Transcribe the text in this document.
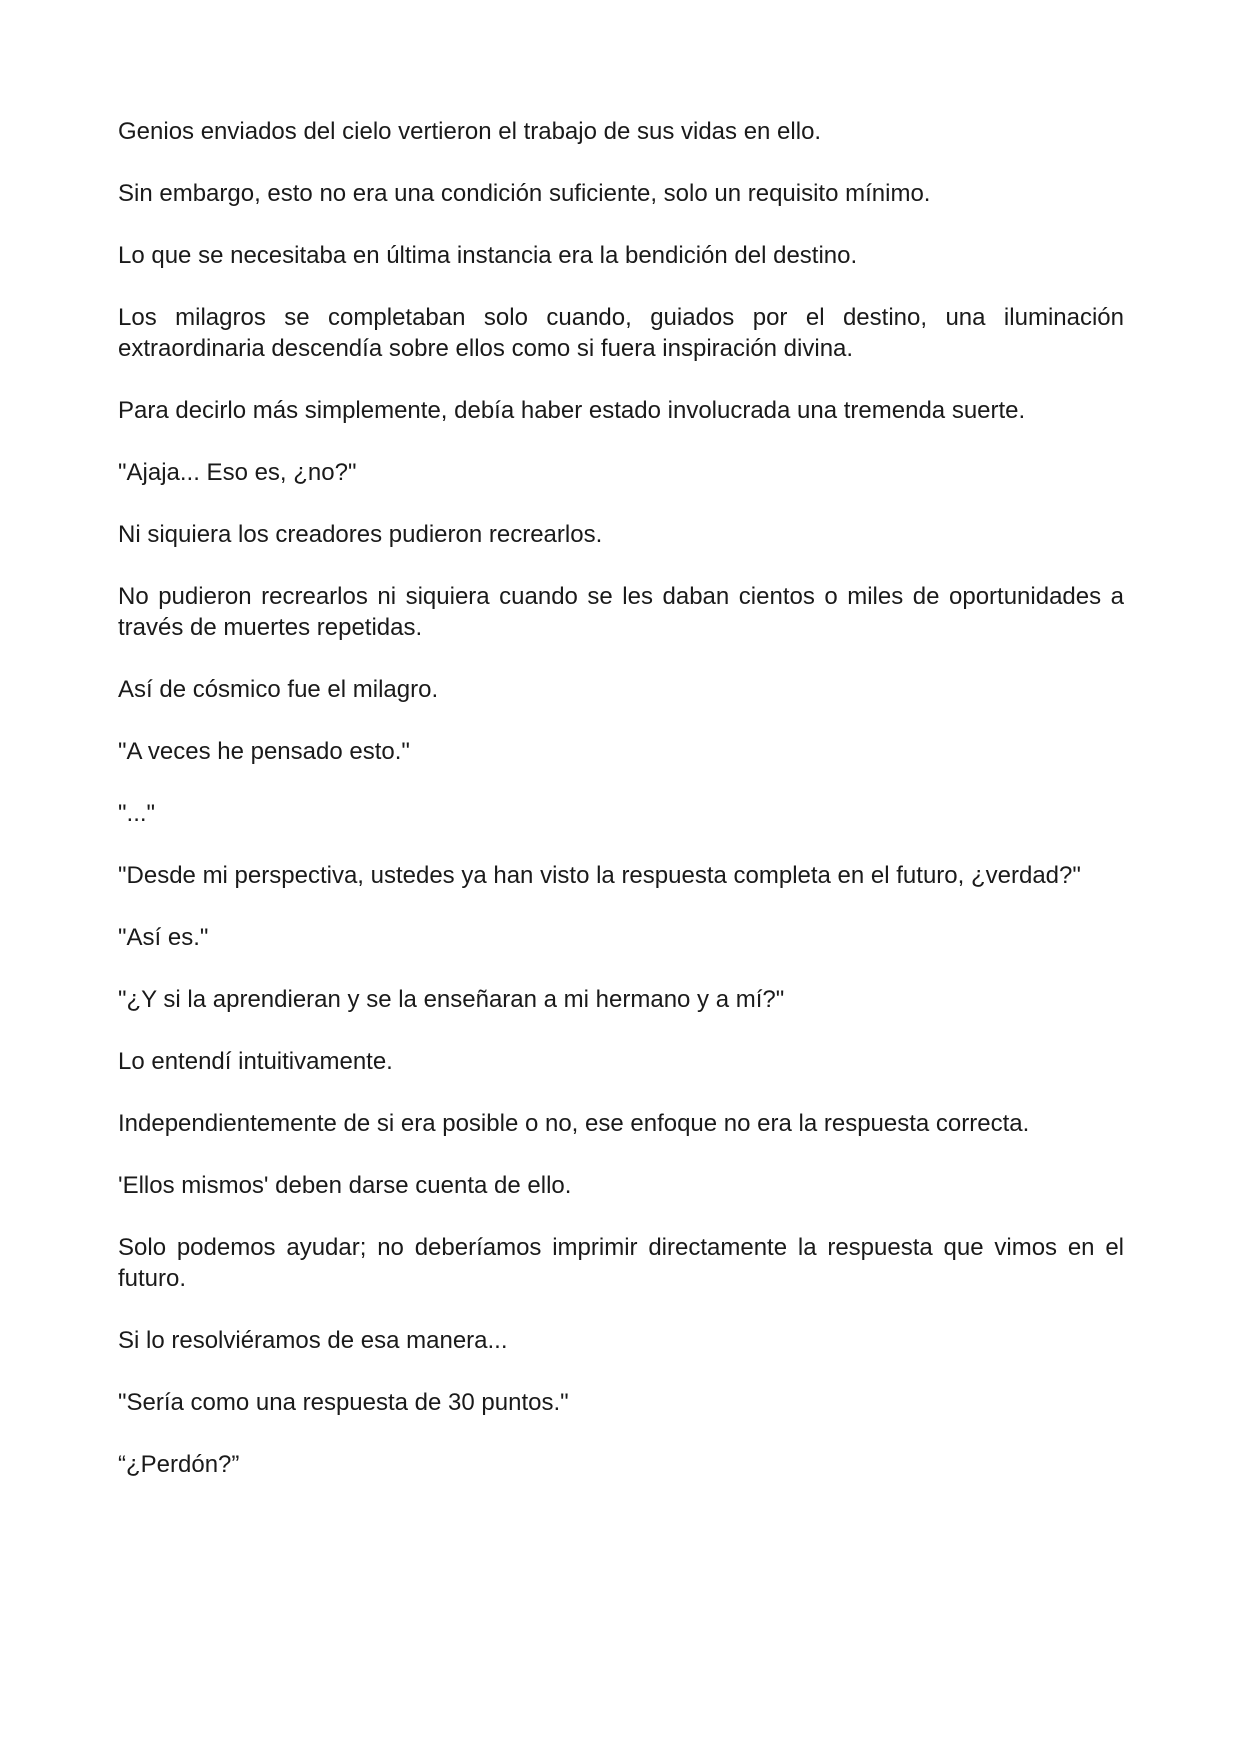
Genios enviados del cielo vertieron el trabajo de sus vidas en ello.

Sin embargo, esto no era una condición suficiente, solo un requisito mínimo.

Lo que se necesitaba en última instancia era la bendición del destino.

Los milagros se completaban solo cuando, guiados por el destino, una iluminación extraordinaria descendía sobre ellos como si fuera inspiración divina.

Para decirlo más simplemente, debía haber estado involucrada una tremenda suerte.

"Ajaja... Eso es, ¿no?"

Ni siquiera los creadores pudieron recrearlos.

No pudieron recrearlos ni siquiera cuando se les daban cientos o miles de oportunidades a través de muertes repetidas.

Así de cósmico fue el milagro.

"A veces he pensado esto."

"..."

"Desde mi perspectiva, ustedes ya han visto la respuesta completa en el futuro, ¿verdad?"

"Así es."

"¿Y si la aprendieran y se la enseñaran a mi hermano y a mí?"

Lo entendí intuitivamente.

Independientemente de si era posible o no, ese enfoque no era la respuesta correcta.

'Ellos mismos' deben darse cuenta de ello.

Solo podemos ayudar; no deberíamos imprimir directamente la respuesta que vimos en el futuro.

Si lo resolviéramos de esa manera...

"Sería como una respuesta de 30 puntos."

“¿Perdón?”
